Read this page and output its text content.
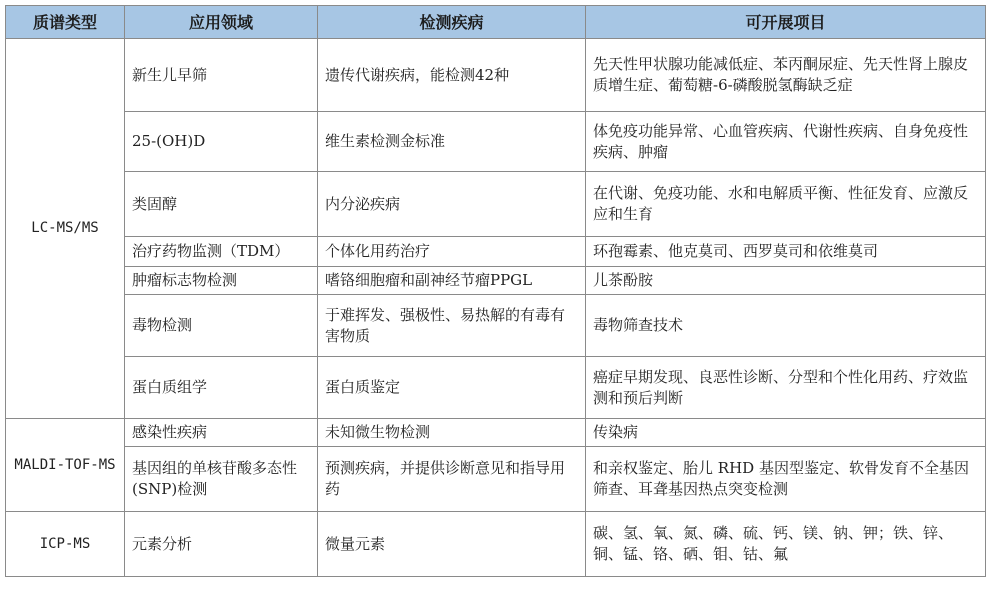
质谱类型	应用领域	检测疾病	可开展项目
LC-MS/MS	新生儿早筛	遗传代谢疾病，能检测42种	先天性甲状腺功能减低症、苯丙酮尿症、先天性肾上腺皮质增生症、葡萄糖-6-磷酸脱氢酶缺乏症
	25-(OH)D	维生素检测金标准	体免疫功能异常、心血管疾病、代谢性疾病、自身免疫性疾病、肿瘤
	类固醇	内分泌疾病	在代谢、免疫功能、水和电解质平衡、性征发育、应激反应和生育
	治疗药物监测（TDM）	个体化用药治疗	环孢霉素、他克莫司、西罗莫司和依维莫司
	肿瘤标志物检测	嗜铬细胞瘤和副神经节瘤PPGL	儿茶酚胺
	毒物检测	于难挥发、强极性、易热解的有毒有害物质	毒物筛查技术
	蛋白质组学	蛋白质鉴定	癌症早期发现、良恶性诊断、分型和个性化用药、疗效监测和预后判断
MALDI-TOF-MS	感染性疾病	未知微生物检测	传染病
	基因组的单核苷酸多态性(SNP)检测	预测疾病，并提供诊断意见和指导用药	和亲权鉴定、胎儿 RHD 基因型鉴定、软骨发育不全基因筛查、耳聋基因热点突变检测
ICP-MS	元素分析	微量元素	碳、氢、氧、氮、磷、硫、钙、镁、钠、钾；铁、锌、铜、锰、铬、硒、钼、钴、氟
